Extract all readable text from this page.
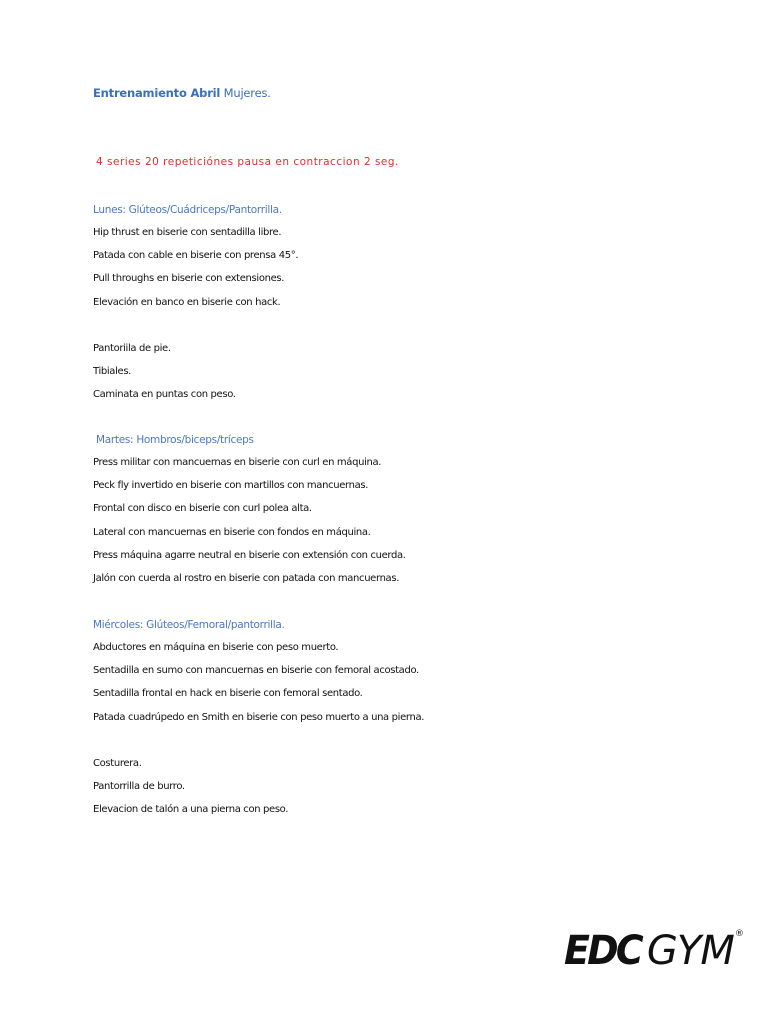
Entrenamiento Abril Mujeres.
4 series 20 repeticiónes pausa en contraccion 2 seg.
Lunes: Glúteos/Cuádriceps/Pantorrilla.
Hip thrust en biserie con sentadilla libre.
Patada con cable en biserie con prensa 45°.
Pull throughs en biserie con extensiones.
Elevación en banco en biserie con hack.
Pantoriila de pie.
Tibiales.
Caminata en puntas con peso.
Martes: Hombros/biceps/tríceps
Press militar con mancuernas en biserie con curl en máquina.
Peck fly invertido en biserie con martillos con mancuernas.
Frontal con disco en biserie con curl polea alta.
Lateral con mancuernas en biserie con fondos en máquina.
Press máquina agarre neutral en biserie con extensión con cuerda.
Jalón con cuerda al rostro en biserie con patada con mancuernas.
Miércoles: Glúteos/Femoral/pantorrilla.
Abductores en máquina en biserie con peso muerto.
Sentadilla en sumo con mancuernas en biserie con femoral acostado.
Sentadilla frontal en hack en biserie con femoral sentado.
Patada cuadrúpedo en Smith en biserie con peso muerto a una pierna.
Costurera.
Pantorrilla de burro.
Elevacion de talón a una pierna con peso.
EDC GYM ®
